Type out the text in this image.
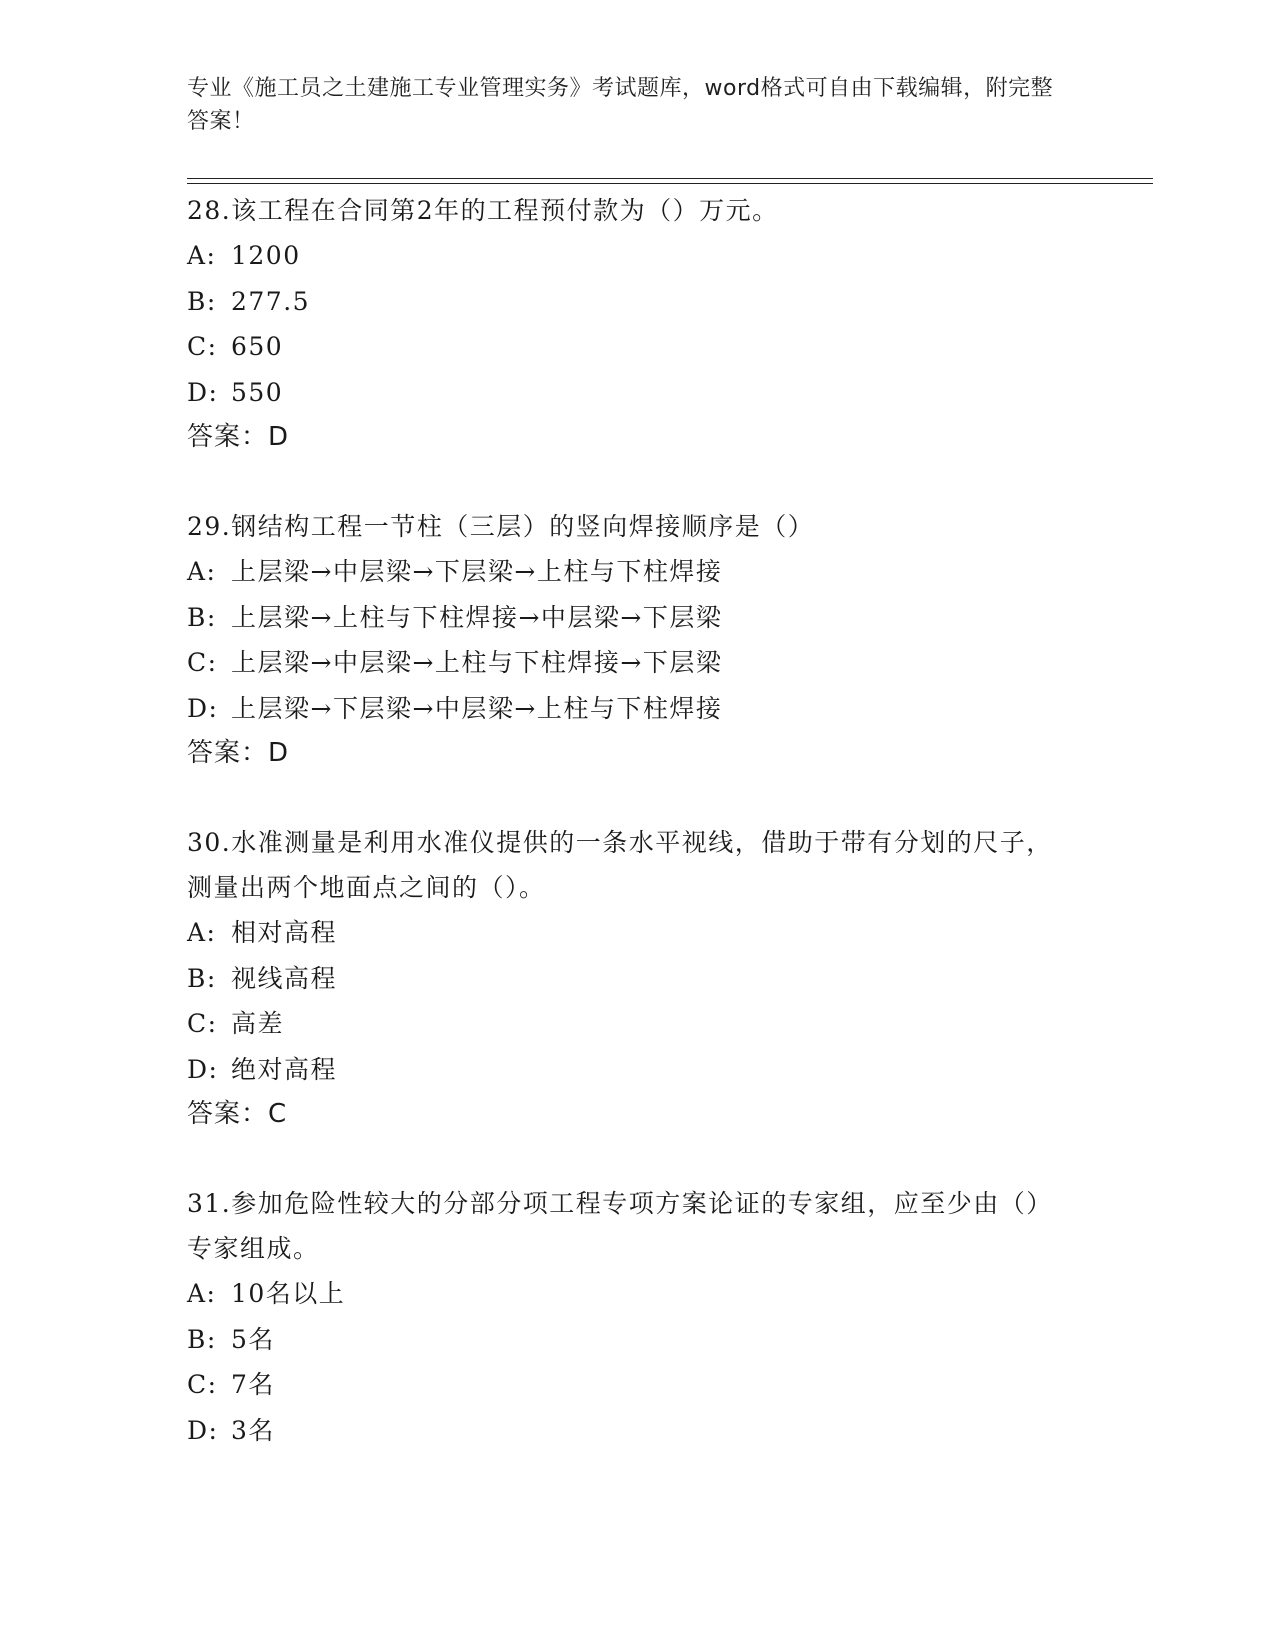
专业《施工员之土建施工专业管理实务》考试题库，word格式可自由下载编辑，附完整答案！
28.该工程在合同第2年的工程预付款为（）万元。
A: 1200
B: 277.5
C: 650
D: 550
答案：D
29.钢结构工程一节柱（三层）的竖向焊接顺序是（）
A: 上层梁→中层梁→下层梁→上柱与下柱焊接
B: 上层梁→上柱与下柱焊接→中层梁→下层梁
C: 上层梁→中层梁→上柱与下柱焊接→下层梁
D: 上层梁→下层梁→中层梁→上柱与下柱焊接
答案：D
30.水准测量是利用水准仪提供的一条水平视线，借助于带有分划的尺子，测量出两个地面点之间的（）。
A: 相对高程
B: 视线高程
C: 高差
D: 绝对高程
答案：C
31.参加危险性较大的分部分项工程专项方案论证的专家组，应至少由（）专家组成。
A: 10名以上
B: 5名
C: 7名
D: 3名
